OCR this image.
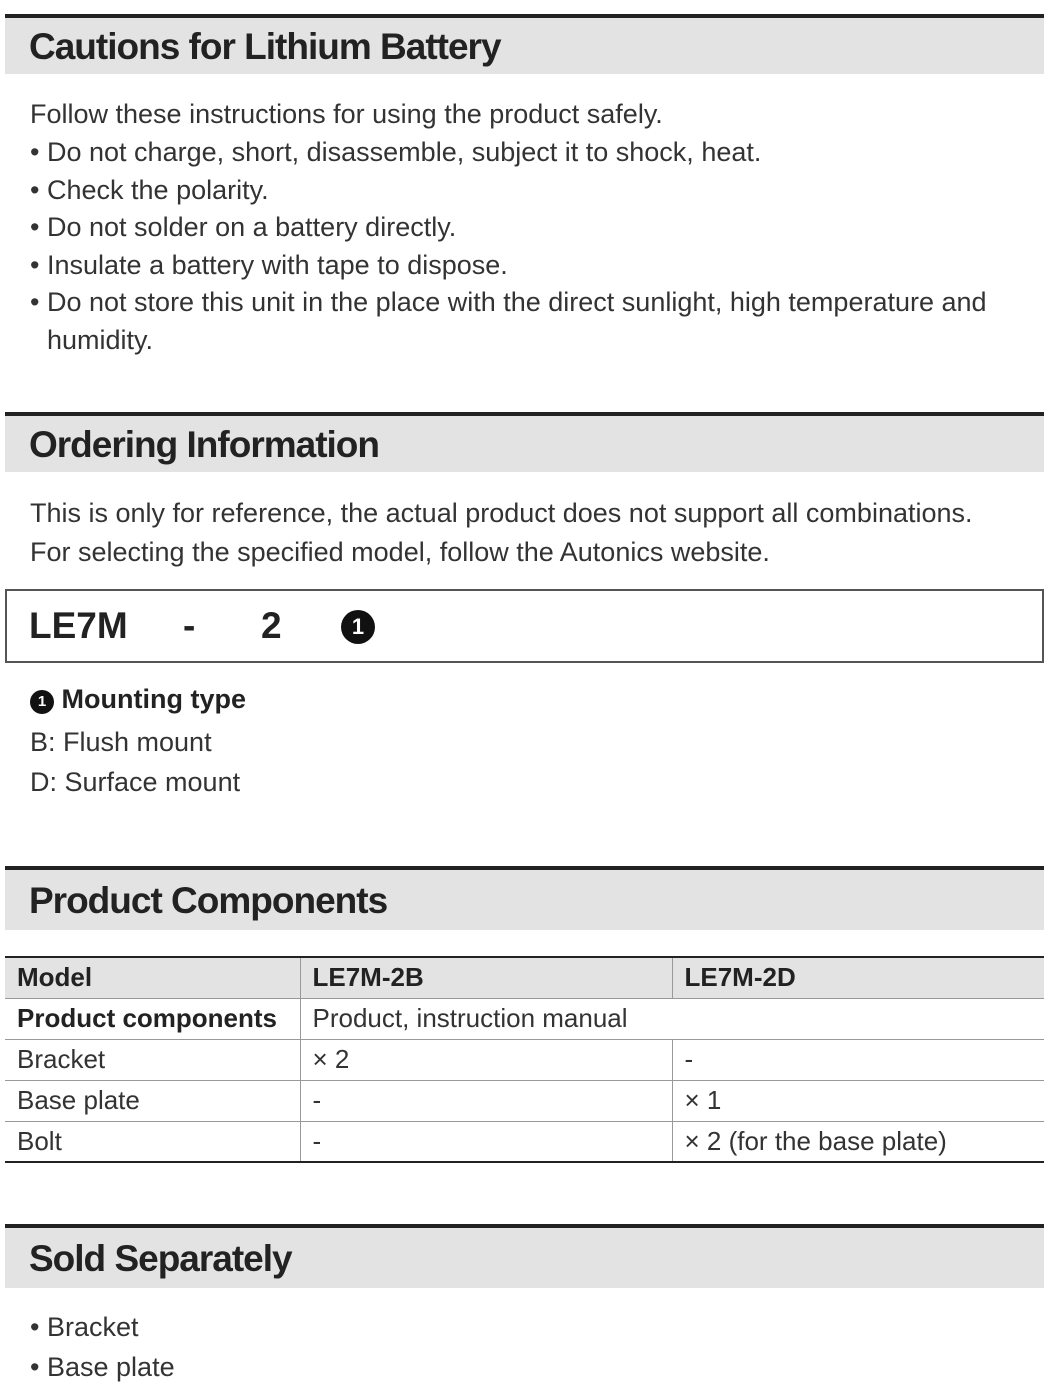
Cautions for Lithium Battery
Follow these instructions for using the product safely.
• Do not charge, short, disassemble, subject it to shock, heat.
• Check the polarity.
• Do not solder on a battery directly.
• Insulate a battery with tape to dispose.
• Do not store this unit in the place with the direct sunlight, high temperature and humidity.
Ordering Information
This is only for reference, the actual product does not support all combinations.
For selecting the specified model, follow the Autonics website.
LE7M - 2	1
1 Mounting type
B: Flush mount
D: Surface mount
Product Components
Model	LE7M-2B	LE7M-2D
Product components	Product, instruction manual	
Bracket	× 2	-
Base plate	-	× 1
Bolt	-	× 2 (for the base plate)
Sold Separately
• Bracket
• Base plate
